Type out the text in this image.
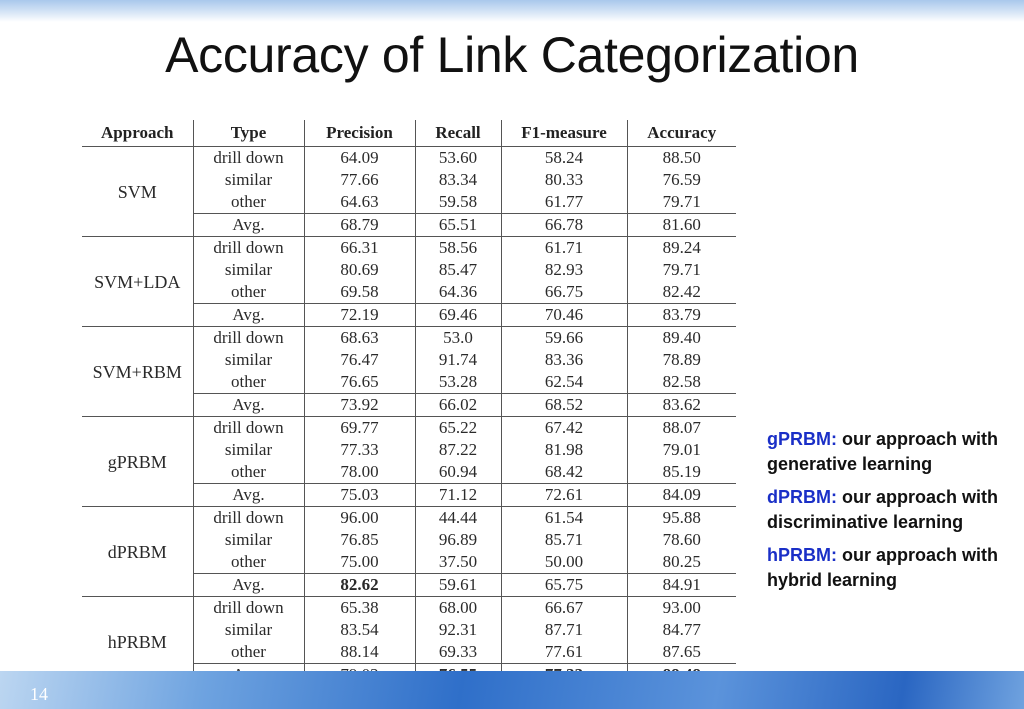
Accuracy of Link Categorization
Approach	Type	Precision	Recall	F1-measure	Accuracy
SVM	drill down	64.09	53.60	58.24	88.50
	similar	77.66	83.34	80.33	76.59
	other	64.63	59.58	61.77	79.71
	Avg.	68.79	65.51	66.78	81.60
SVM+LDA	drill down	66.31	58.56	61.71	89.24
	similar	80.69	85.47	82.93	79.71
	other	69.58	64.36	66.75	82.42
	Avg.	72.19	69.46	70.46	83.79
SVM+RBM	drill down	68.63	53.0	59.66	89.40
	similar	76.47	91.74	83.36	78.89
	other	76.65	53.28	62.54	82.58
	Avg.	73.92	66.02	68.52	83.62
gPRBM	drill down	69.77	65.22	67.42	88.07
	similar	77.33	87.22	81.98	79.01
	other	78.00	60.94	68.42	85.19
	Avg.	75.03	71.12	72.61	84.09
dPRBM	drill down	96.00	44.44	61.54	95.88
	similar	76.85	96.89	85.71	78.60
	other	75.00	37.50	50.00	80.25
	Avg.	82.62	59.61	65.75	84.91
hPRBM	drill down	65.38	68.00	66.67	93.00
	similar	83.54	92.31	87.71	84.77
	other	88.14	69.33	77.61	87.65

gPRBM: our approach with generative learning
dPRBM: our approach with discriminative learning
hPRBM: our approach with hybrid learning
14
